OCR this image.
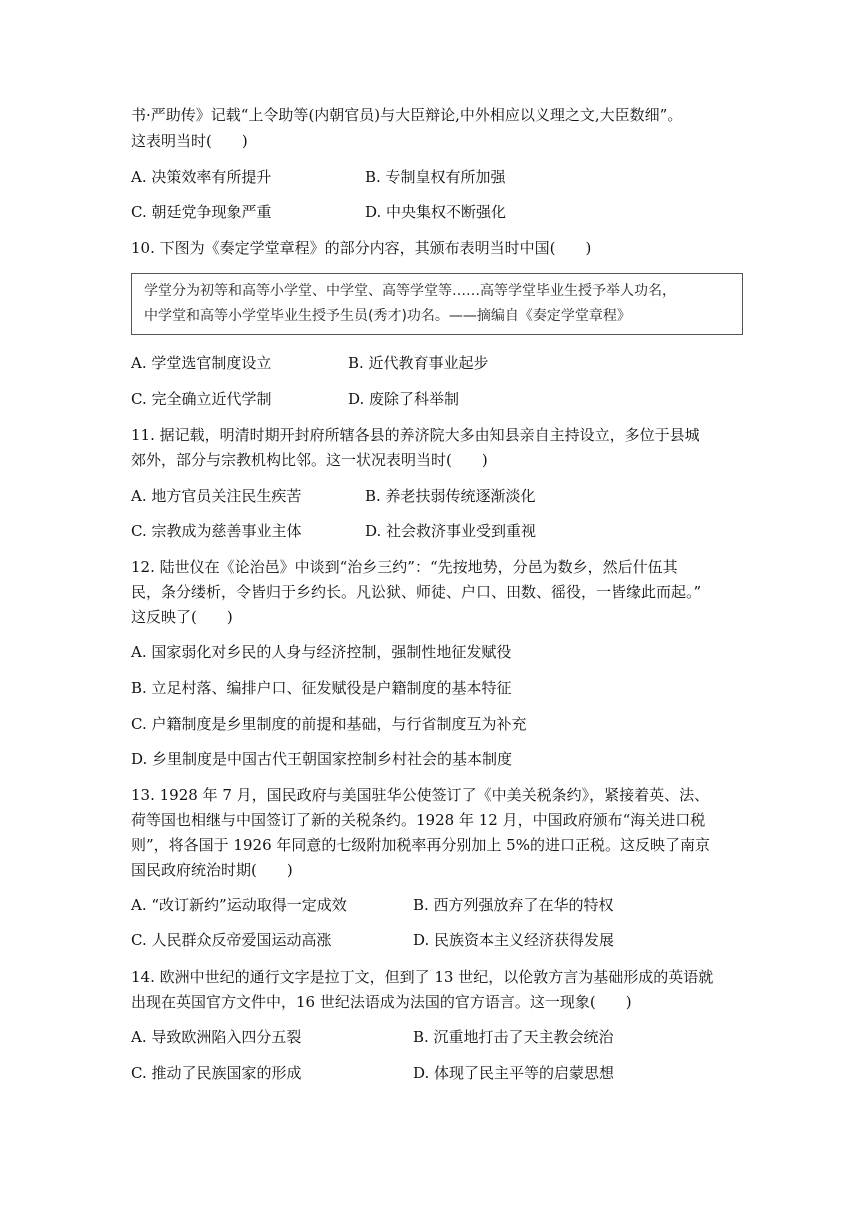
书·严助传》记载“上令助等(内朝官员)与大臣辩论,中外相应以义理之文,大臣数细”。
这表明当时(　　)
A. 决策效率有所提升	B. 专制皇权有所加强
C. 朝廷党争现象严重	D. 中央集权不断强化
10. 下图为《奏定学堂章程》的部分内容，其颁布表明当时中国(　　)
学堂分为初等和高等小学堂、中学堂、高等学堂等……高等学堂毕业生授予举人功名，
中学堂和高等小学堂毕业生授予生员(秀才)功名。——摘编自《奏定学堂章程》
A. 学堂选官制度设立	B. 近代教育事业起步
C. 完全确立近代学制	D. 废除了科举制
11. 据记载，明清时期开封府所辖各县的养济院大多由知县亲自主持设立，多位于县城
郊外，部分与宗教机构比邻。这一状况表明当时(　　)
A. 地方官员关注民生疾苦	B. 养老扶弱传统逐渐淡化
C. 宗教成为慈善事业主体	D. 社会救济事业受到重视
12. 陆世仪在《论治邑》中谈到“治乡三约”：“先按地势，分邑为数乡，然后什伍其
民，条分缕析，令皆归于乡约长。凡讼狱、师徒、户口、田数、徭役，一皆缘此而起。”
这反映了(　　)
A. 国家弱化对乡民的人身与经济控制，强制性地征发赋役
B. 立足村落、编排户口、征发赋役是户籍制度的基本特征
C. 户籍制度是乡里制度的前提和基础，与行省制度互为补充
D. 乡里制度是中国古代王朝国家控制乡村社会的基本制度
13. 1928 年 7 月，国民政府与美国驻华公使签订了《中美关税条约》，紧接着英、法、
荷等国也相继与中国签订了新的关税条约。1928 年 12 月，中国政府颁布“海关进口税
则”，将各国于 1926 年同意的七级附加税率再分别加上 5%的进口正税。这反映了南京
国民政府统治时期(　　)
A. “改订新约”运动取得一定成效	B. 西方列强放弃了在华的特权
C. 人民群众反帝爱国运动高涨	D. 民族资本主义经济获得发展
14. 欧洲中世纪的通行文字是拉丁文，但到了 13 世纪，以伦敦方言为基础形成的英语就
出现在英国官方文件中，16 世纪法语成为法国的官方语言。这一现象(　　)
A. 导致欧洲陷入四分五裂	B. 沉重地打击了天主教会统治
C. 推动了民族国家的形成	D. 体现了民主平等的启蒙思想
